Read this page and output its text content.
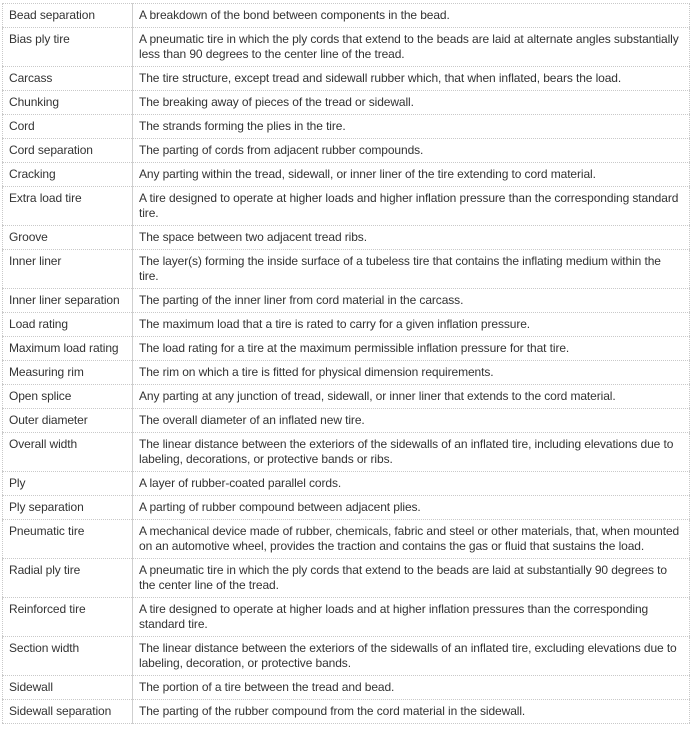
Bead separation	A breakdown of the bond between components in the bead.
Bias ply tire	A pneumatic tire in which the ply cords that extend to the beads are laid at alternate angles substantially less than 90 degrees to the center line of the tread.
Carcass	The tire structure, except tread and sidewall rubber which, that when inflated, bears the load.
Chunking	The breaking away of pieces of the tread or sidewall.
Cord	The strands forming the plies in the tire.
Cord separation	The parting of cords from adjacent rubber compounds.
Cracking	Any parting within the tread, sidewall, or inner liner of the tire extending to cord material.
Extra load tire	A tire designed to operate at higher loads and higher inflation pressure than the corresponding standard tire.
Groove	The space between two adjacent tread ribs.
Inner liner	The layer(s) forming the inside surface of a tubeless tire that contains the inflating medium within the tire.
Inner liner separation	The parting of the inner liner from cord material in the carcass.
Load rating	The maximum load that a tire is rated to carry for a given inflation pressure.
Maximum load rating	The load rating for a tire at the maximum permissible inflation pressure for that tire.
Measuring rim	The rim on which a tire is fitted for physical dimension requirements.
Open splice	Any parting at any junction of tread, sidewall, or inner liner that extends to the cord material.
Outer diameter	The overall diameter of an inflated new tire.
Overall width	The linear distance between the exteriors of the sidewalls of an inflated tire, including elevations due to labeling, decorations, or protective bands or ribs.
Ply	A layer of rubber-coated parallel cords.
Ply separation	A parting of rubber compound between adjacent plies.
Pneumatic tire	A mechanical device made of rubber, chemicals, fabric and steel or other materials, that, when mounted on an automotive wheel, provides the traction and contains the gas or fluid that sustains the load.
Radial ply tire	A pneumatic tire in which the ply cords that extend to the beads are laid at substantially 90 degrees to the center line of the tread.
Reinforced tire	A tire designed to operate at higher loads and at higher inflation pressures than the corresponding standard tire.
Section width	The linear distance between the exteriors of the sidewalls of an inflated tire, excluding elevations due to labeling, decoration, or protective bands.
Sidewall	The portion of a tire between the tread and bead.
Sidewall separation	The parting of the rubber compound from the cord material in the sidewall.
